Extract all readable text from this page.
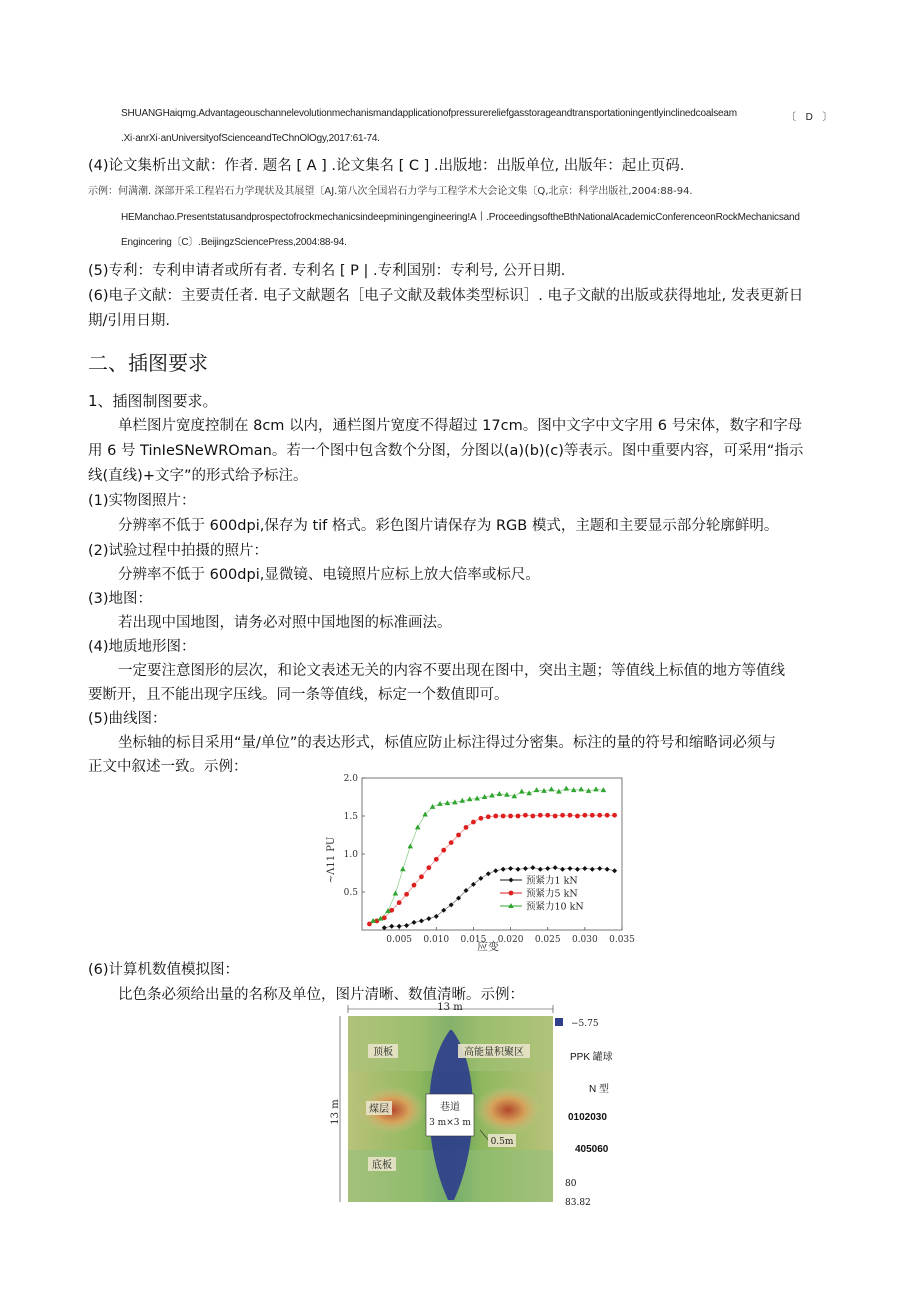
SHUANGHaiqmg.Advantageouschannelevolutionmechanismandapplicationofpressurereliefgasstorageandtransportationingentlyinclinedcoalseam	〔　D　〕
.Xi·anrXi·anUniversityofScienceandTeChnOlOgy,2017:61-74.
(4)论文集析出文献：作者. 题名 [ A ] .论文集名 [ C ] .出版地：出版单位, 出版年：起止页码.
示例：何满潮. 深部开采工程岩石力学现状及其展望〔AJ.第八次全国岩石力学与工程学术大会论文集〔Q,北京：科学出版社,2004:88-94.
HEManchao.Presentstatusandprospectofrockmechanicsindeepminingengineering!A丨.ProceedingsoftheBthNationalAcademicConferenceonRockMechanicsand
Engincering〔C〕.BeijingzSciencePress,2004:88-94.
(5)专利：专利申请者或所有者. 专利名 [ P | .专利国别：专利号, 公开日期.
(6)电子文献：主要责任者. 电子文献题名［电子文献及载体类型标识］. 电子文献的出版或获得地址, 发表更新日
期/引用日期.
二、插图要求
1、插图制图要求。
单栏图片宽度控制在 8cm 以内，通栏图片宽度不得超过 17cm。图中文字中文字用 6 号宋体，数字和字母
用 6 号 TinIeSNeWROman。若一个图中包含数个分图，分图以(a)(b)(c)等表示。图中重要内容，可采用“指示
线(直线)+文字”的形式给予标注。
(1)实物图照片：
分辨率不低于 600dpi,保存为 tif 格式。彩色图片请保存为 RGB 模式，主题和主要显示部分轮廓鲜明。
(2)试验过程中拍摄的照片：
分辨率不低于 600dpi,显微镜、电镜照片应标上放大倍率或标尺。
(3)地图：
若出现中国地图，请务必对照中国地图的标准画法。
(4)地质地形图：
一定要注意图形的层次，和论文表述无关的内容不要出现在图中，突出主题；等值线上标值的地方等值线
要断开，且不能出现字压线。同一条等值线，标定一个数值即可。
(5)曲线图：
坐标轴的标目采用“量/单位”的表达形式，标值应防止标注得过分密集。标注的量的符号和缩略词必须与
正文中叙述一致。示例：
0.005 0.010 0.015 0.020 0.025 0.030 0.035
0.5
1.0
1.5
2.0
预紧力1 kN
预紧力5 kN
预紧力10 kN
应变
~Λ11 PU
(6)计算机数值模拟图：
比色条必须给出量的名称及单位，图片清晰、数值清晰。示例：
巷道
3 m×3 m
顶板	高能量积聚区
煤层
0.5m
底板
13 m
13 m
−5.75
PPK 罐球
N 型
0102030
405060
80
83.82
